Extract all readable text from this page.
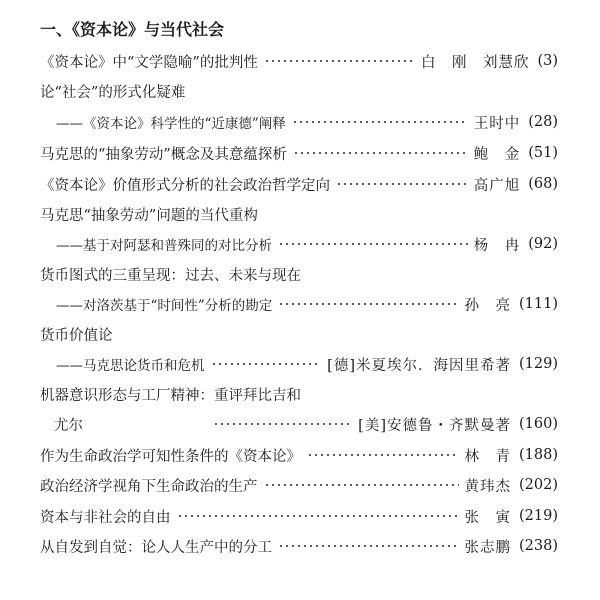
一、《资本论》与当代社会
《资本论》中“文学隐喻”的批判性	白　刚　刘慧欣 (3)
论“社会”的形式化疑难
——《资本论》科学性的“近康德”阐释	王时中 (28)
马克思的“抽象劳动”概念及其意蕴探析	鲍　金 (51)
《资本论》价值形式分析的社会政治哲学定向	高广旭 (68)
马克思“抽象劳动”问题的当代重构
——基于对阿瑟和普殊同的对比分析	杨　冉 (92)
货币图式的三重呈现：过去、未来与现在
——对洛茨基于“时间性”分析的勘定	孙　亮 (111)
货币价值论
——马克思论货币和危机	[德]米夏埃尔．海因里希著 (129)
机器意识形态与工厂精神：重评拜比吉和
尤尔	[美]安德鲁・齐默曼著 (160)
作为生命政治学可知性条件的《资本论》	林　青 (188)
政治经济学视角下生命政治的生产	黄玮杰 (202)
资本与非社会的自由	张　寅 (219)
从自发到自觉：论人人生产中的分工	张志鹏 (238)
